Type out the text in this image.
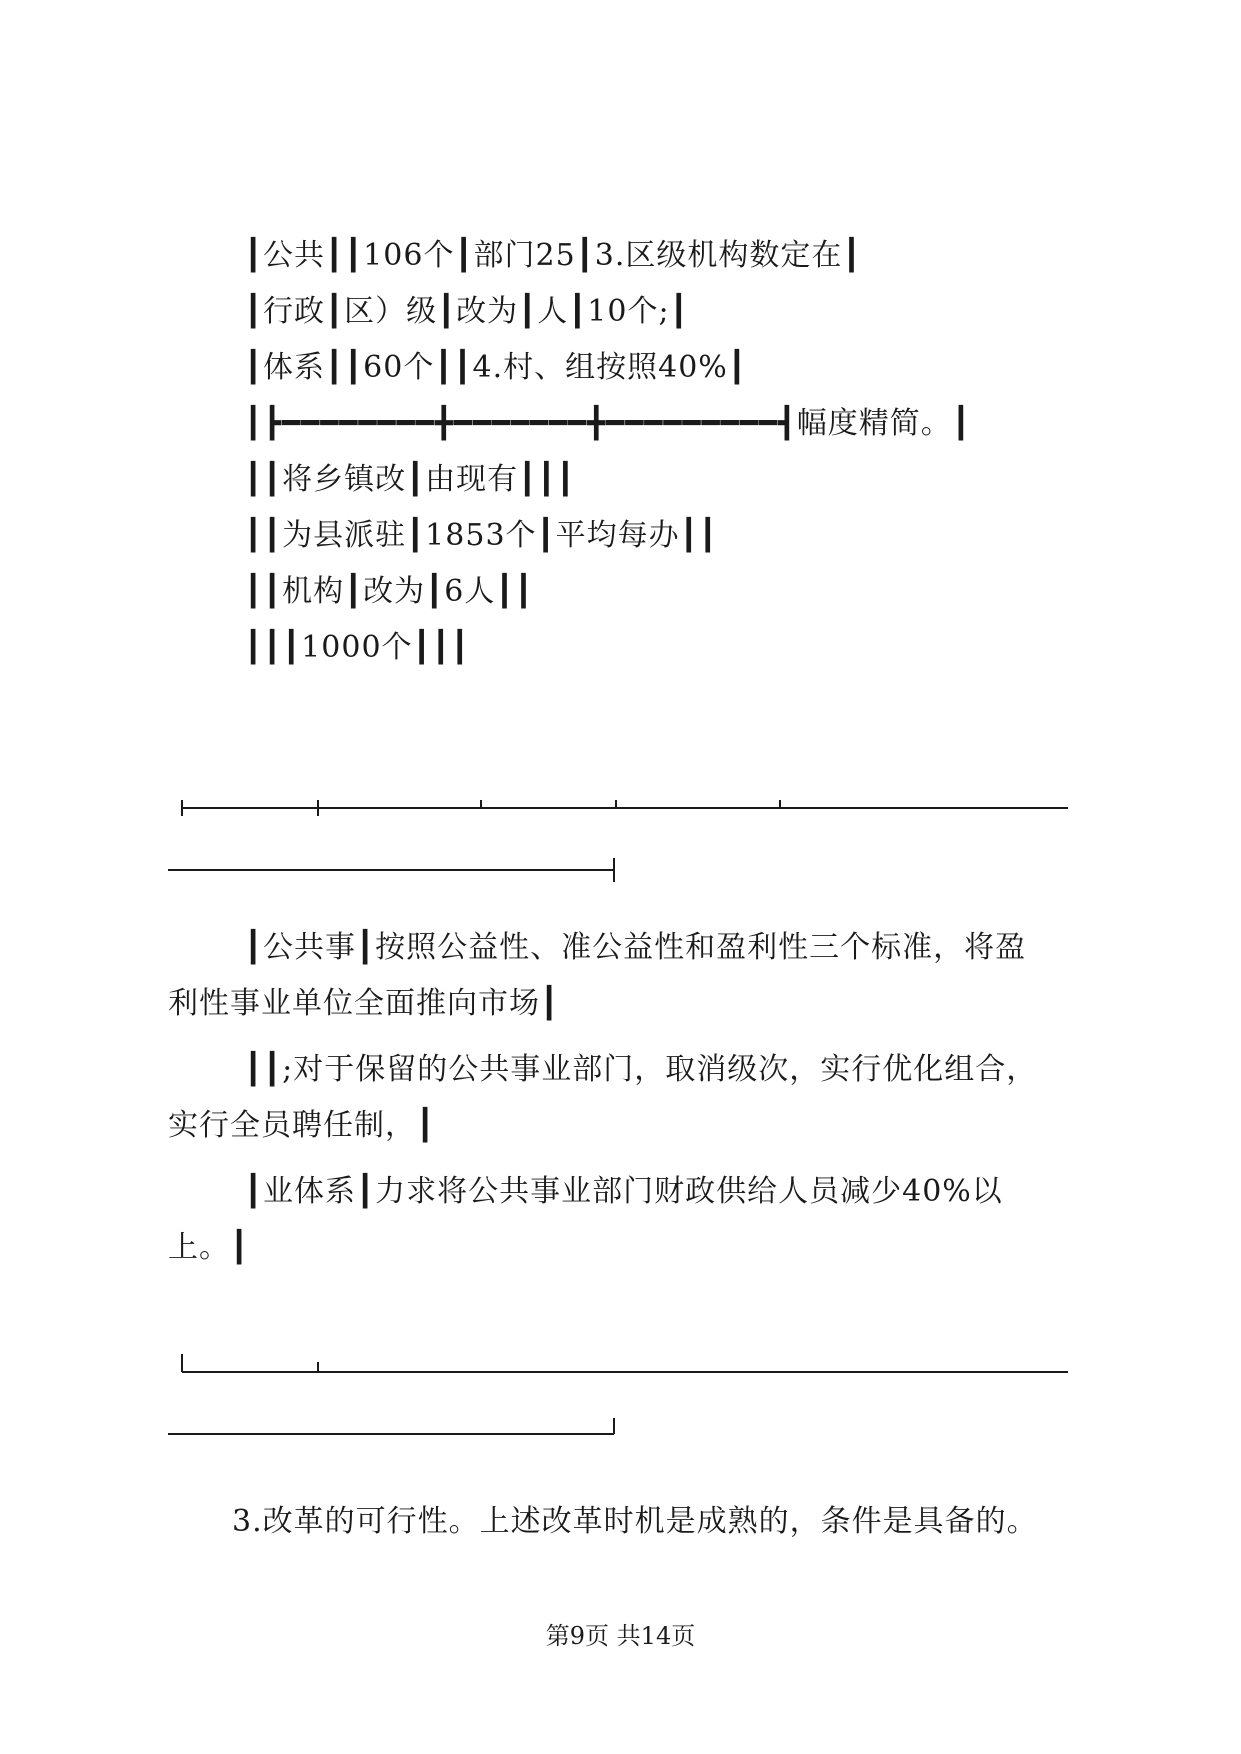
┃公共┃┃106个┃部门25┃3.区级机构数定在┃
┃行政┃区）级┃改为┃人┃10个;┃
┃体系┃┃60个┃┃4.村、组按照40%┃
┃┣━━━━━━━━╋━━━━━━━╋━━━━━━━━━┫幅度精简。┃
┃┃将乡镇改┃由现有┃┃┃
┃┃为县派驻┃1853个┃平均每办┃┃
┃┃机构┃改为┃6人┃┃
┃┃┃1000个┃┃┃
┃公共事┃按照公益性、准公益性和盈利性三个标准，将盈
利性事业单位全面推向市场┃
┃┃;对于保留的公共事业部门，取消级次，实行优化组合，
实行全员聘任制，┃
┃业体系┃力求将公共事业部门财政供给人员减少40%以
上。┃
3.改革的可行性。上述改革时机是成熟的，条件是具备的。
第9页 共14页
